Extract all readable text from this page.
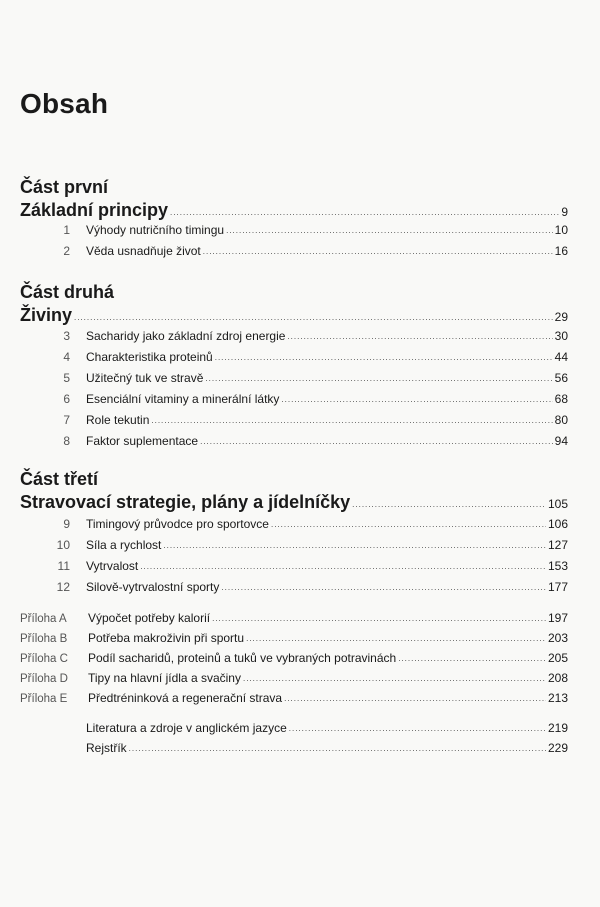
Obsah
Část první
Základní principy .....	9
1	Výhody nutričního timingu .....	10
2	Věda usnadňuje život .....	16
Část druhá
Živiny .....	29
3	Sacharidy jako základní zdroj energie .....	30
4	Charakteristika proteinů .....	44
5	Užitečný tuk ve stravě .....	56
6	Esenciální vitaminy a minerální látky .....	68
7	Role tekutin .....	80
8	Faktor suplementace .....	94
Část třetí
Stravovací strategie, plány a jídelníčky .....	105
9	Timingový průvodce pro sportovce .....	106
10	Síla a rychlost .....	127
11	Vytrvalost .....	153
12	Silově-vytrvalostní sporty .....	177
Příloha A	Výpočet potřeby kalorií .....	197
Příloha B	Potřeba makroživin při sportu .....	203
Příloha C	Podíl sacharidů, proteinů a tuků ve vybraných potravinách .....	205
Příloha D	Tipy na hlavní jídla a svačiny .....	208
Příloha E	Předtréninková a regenerační strava .....	213
Literatura a zdroje v anglickém jazyce .....	219
Rejstřík .....	229
